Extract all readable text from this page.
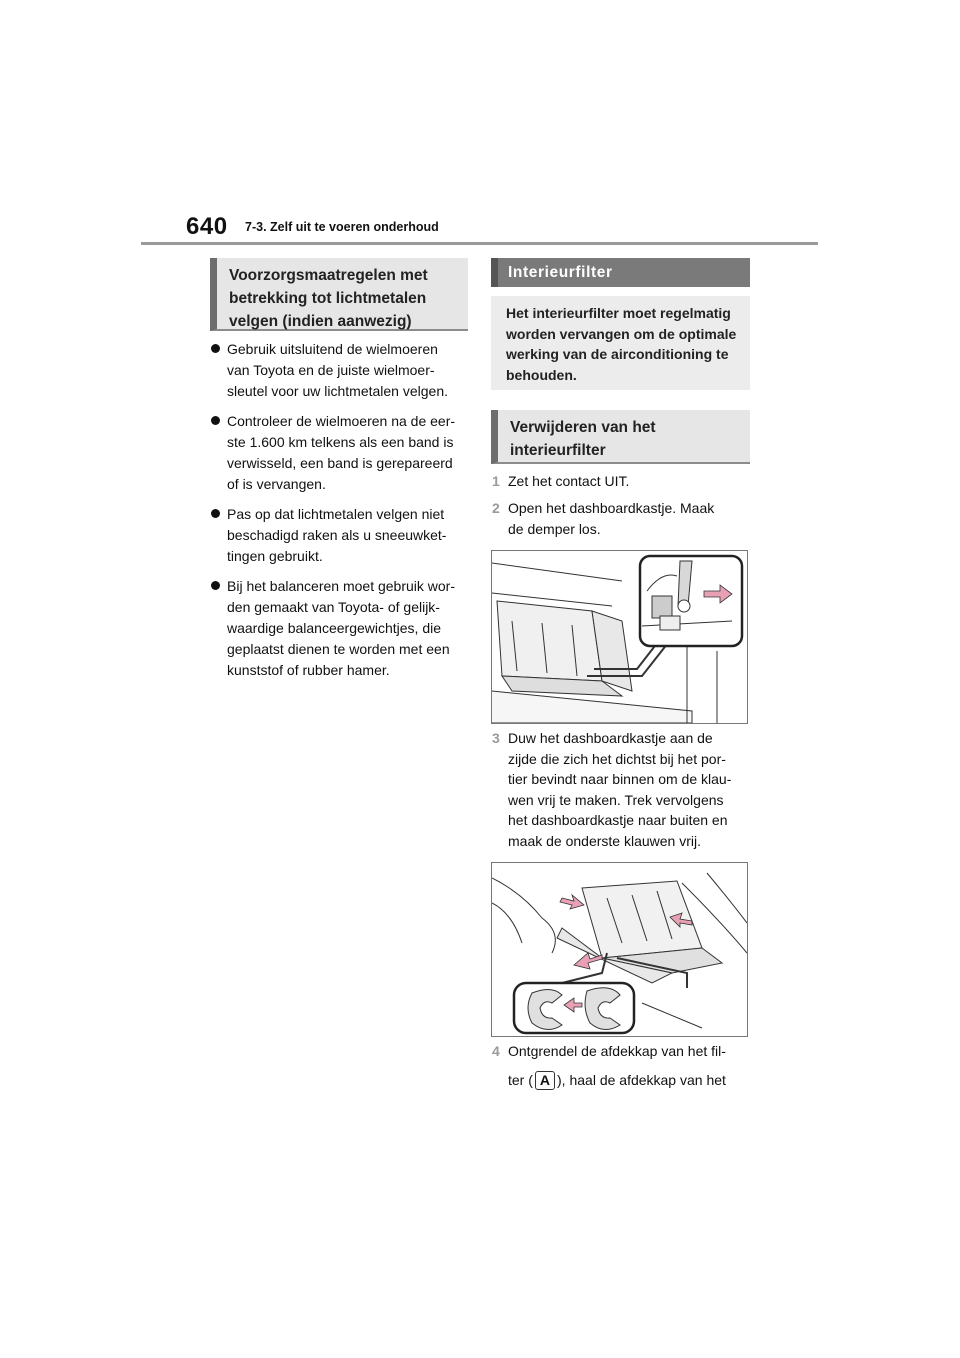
640 7-3. Zelf uit te voeren onderhoud
Voorzorgsmaatregelen met
betrekking tot lichtmetalen
velgen (indien aanwezig)
Gebruik uitsluitend de wielmoeren
van Toyota en de juiste wielmoer-
sleutel voor uw lichtmetalen velgen.
Controleer de wielmoeren na de eer-
ste 1.600 km telkens als een band is
verwisseld, een band is gerepareerd
of is vervangen.
Pas op dat lichtmetalen velgen niet
beschadigd raken als u sneeuwket-
tingen gebruikt.
Bij het balanceren moet gebruik wor-
den gemaakt van Toyota- of gelijk-
waardige balanceergewichtjes, die
geplaatst dienen te worden met een
kunststof of rubber hamer.
Interieurfilter
Het interieurfilter moet regelmatig
worden vervangen om de optimale
werking van de airconditioning te
behouden.
Verwijderen van het
interieurfilter
1 Zet het contact UIT.
2 Open het dashboardkastje. Maak
de demper los.
3 Duw het dashboardkastje aan de
zijde die zich het dichtst bij het por-
tier bevindt naar binnen om de klau-
wen vrij te maken. Trek vervolgens
het dashboardkastje naar buiten en
maak de onderste klauwen vrij.
4 Ontgrendel de afdekkap van het fil-
ter ( A ), haal de afdekkap van het
